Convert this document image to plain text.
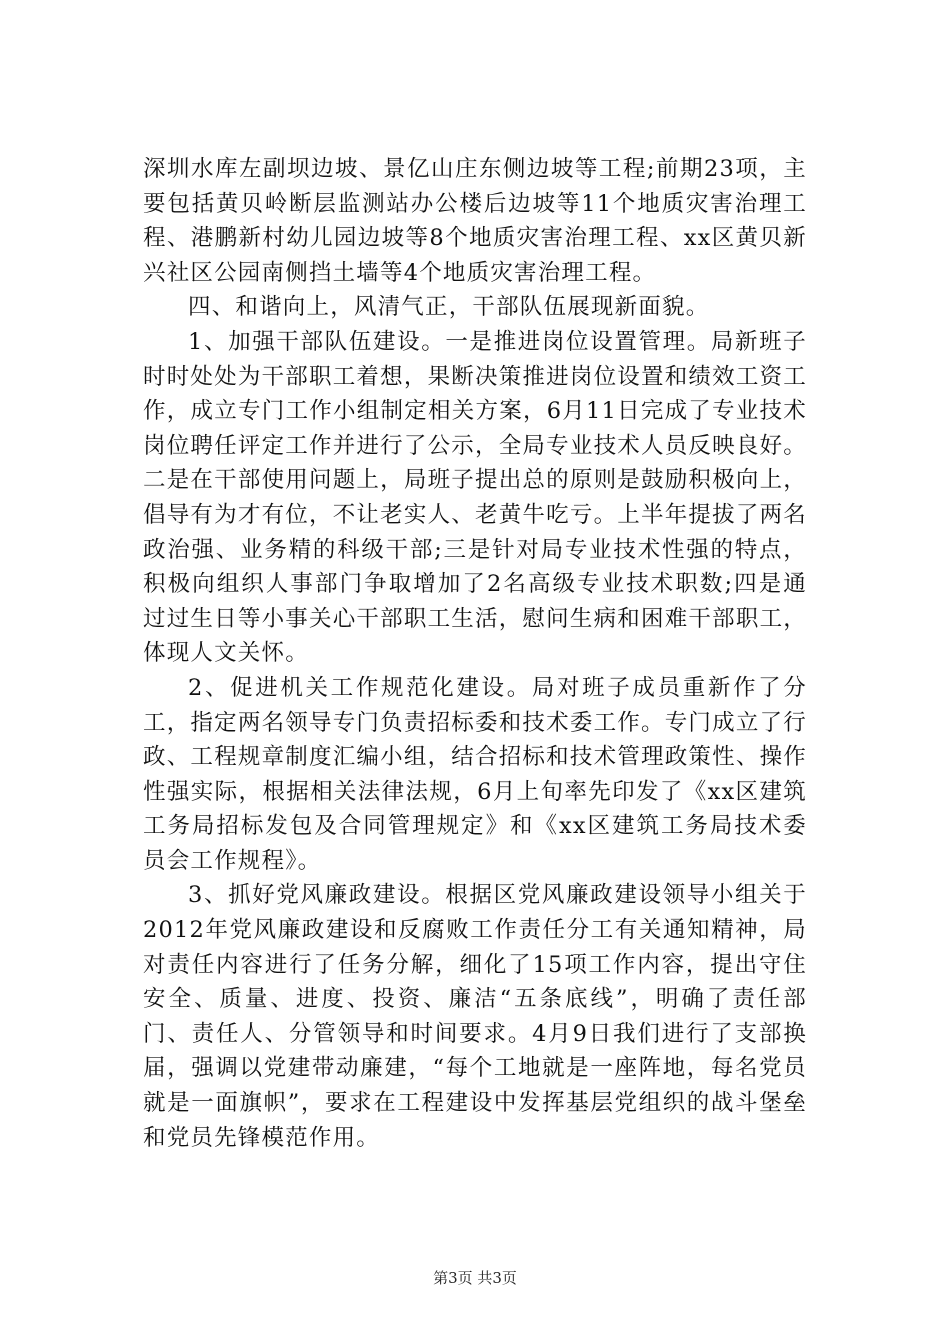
深圳水库左副坝边坡、景亿山庄东侧边坡等工程;前期23项，主要包括黄贝岭断层监测站办公楼后边坡等11个地质灾害治理工程、港鹏新村幼儿园边坡等8个地质灾害治理工程、xx区黄贝新兴社区公园南侧挡土墙等4个地质灾害治理工程。

四、和谐向上，风清气正，干部队伍展现新面貌。

1、加强干部队伍建设。一是推进岗位设置管理。局新班子时时处处为干部职工着想，果断决策推进岗位设置和绩效工资工作，成立专门工作小组制定相关方案，6月11日完成了专业技术岗位聘任评定工作并进行了公示，全局专业技术人员反映良好。二是在干部使用问题上，局班子提出总的原则是鼓励积极向上，倡导有为才有位，不让老实人、老黄牛吃亏。上半年提拔了两名政治强、业务精的科级干部;三是针对局专业技术性强的特点，积极向组织人事部门争取增加了2名高级专业技术职数;四是通过过生日等小事关心干部职工生活，慰问生病和困难干部职工，体现人文关怀。

2、促进机关工作规范化建设。局对班子成员重新作了分工，指定两名领导专门负责招标委和技术委工作。专门成立了行政、工程规章制度汇编小组，结合招标和技术管理政策性、操作性强实际，根据相关法律法规，6月上旬率先印发了《xx区建筑工务局招标发包及合同管理规定》和《xx区建筑工务局技术委员会工作规程》。

3、抓好党风廉政建设。根据区党风廉政建设领导小组关于2012年党风廉政建设和反腐败工作责任分工有关通知精神，局对责任内容进行了任务分解，细化了15项工作内容，提出守住安全、质量、进度、投资、廉洁“五条底线”，明确了责任部门、责任人、分管领导和时间要求。4月9日我们进行了支部换届，强调以党建带动廉建，“每个工地就是一座阵地，每名党员就是一面旗帜”，要求在工程建设中发挥基层党组织的战斗堡垒和党员先锋模范作用。

第3页 共3页
